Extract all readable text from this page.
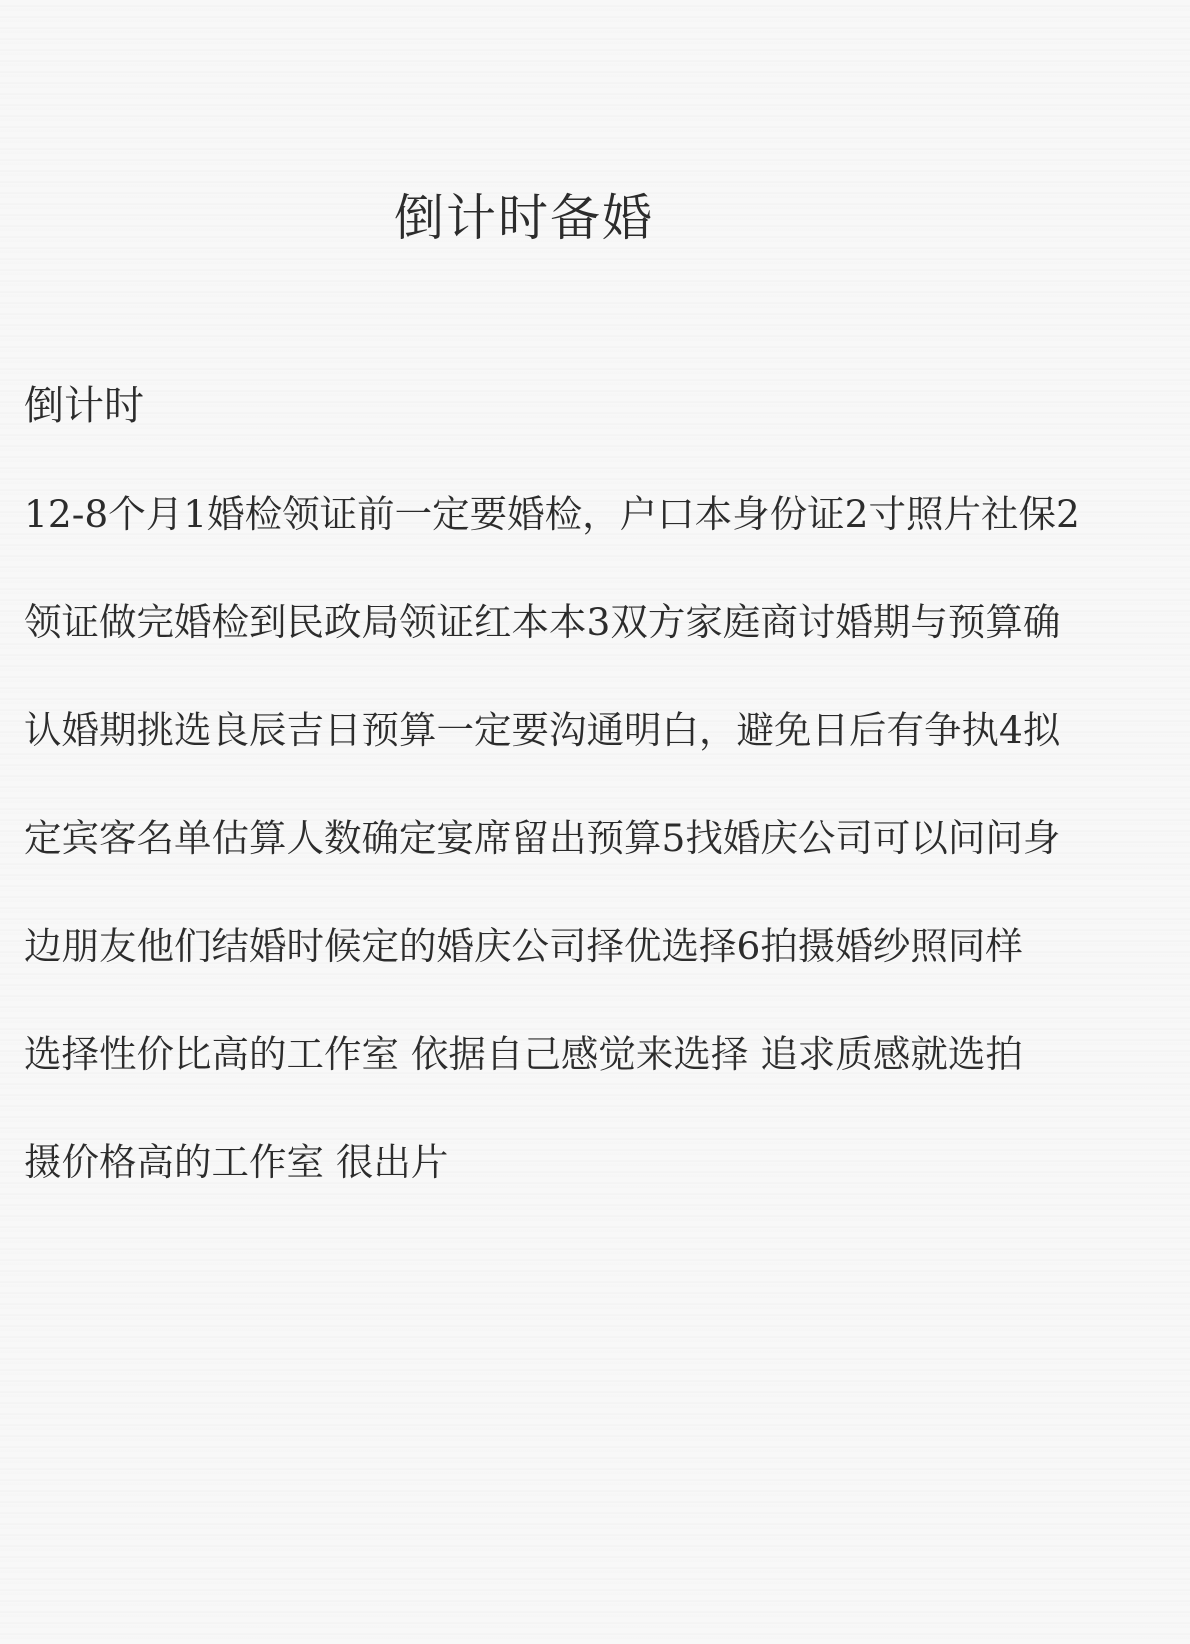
倒计时备婚
倒计时
12-8个月1婚检领证前一定要婚检，户口本身份证2寸照片社保2
领证做完婚检到民政局领证红本本3双方家庭商讨婚期与预算确
认婚期挑选良辰吉日预算一定要沟通明白，避免日后有争执4拟
定宾客名单估算人数确定宴席留出预算5找婚庆公司可以问问身
边朋友他们结婚时候定的婚庆公司择优选择6拍摄婚纱照同样
选择性价比高的工作室 依据自己感觉来选择 追求质感就选拍
摄价格高的工作室 很出片
